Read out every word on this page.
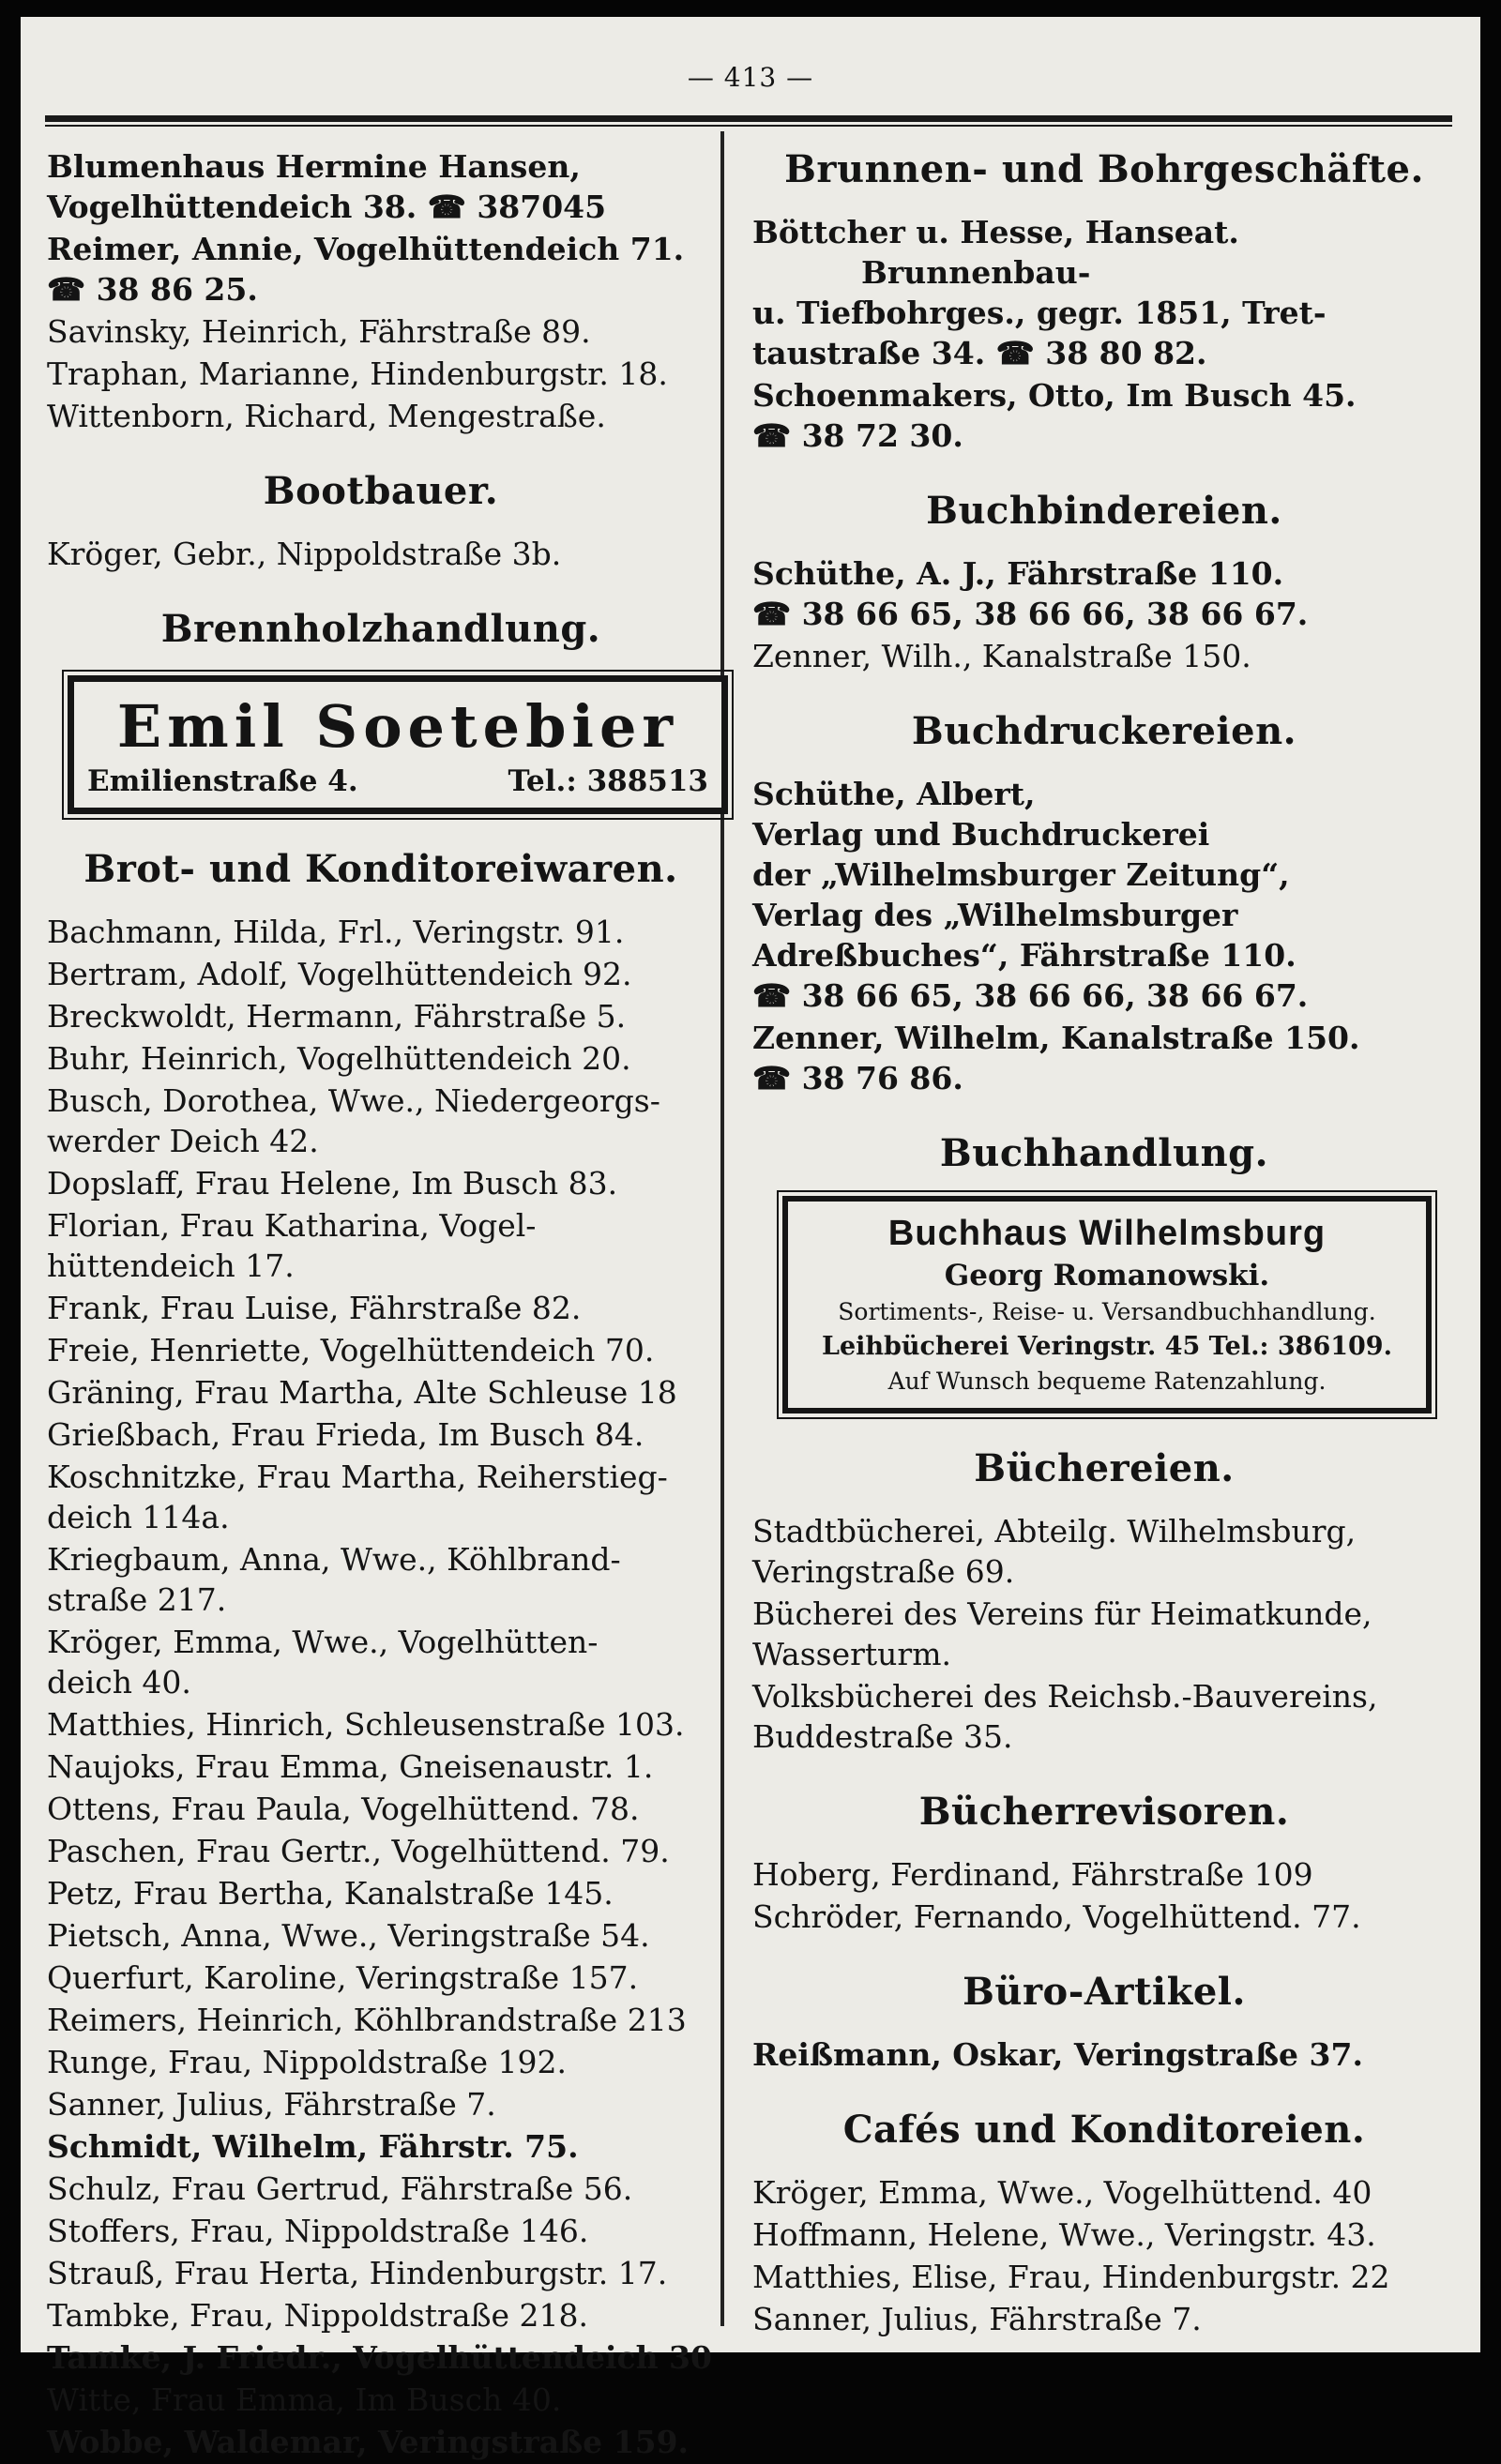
— 413 —
Blumenhaus Hermine Hansen,
Vogelhüttendeich 38. ☎ 387045
Reimer, Annie, Vogelhüttendeich 71.
☎ 38 86 25.
Savinsky, Heinrich, Fährstraße 89.
Traphan, Marianne, Hindenburgstr. 18.
Wittenborn, Richard, Mengestraße.
Bootbauer.
Kröger, Gebr., Nippoldstraße 3b.
Brennholzhandlung.
Emil Soetebier
Emilienstraße 4.	Tel.: 388513
Brot- und Konditoreiwaren.
Bachmann, Hilda, Frl., Veringstr. 91.
Bertram, Adolf, Vogelhüttendeich 92.
Breckwoldt, Hermann, Fährstraße 5.
Buhr, Heinrich, Vogelhüttendeich 20.
Busch, Dorothea, Wwe., Niedergeorgs-
werder Deich 42.
Dopslaff, Frau Helene, Im Busch 83.
Florian, Frau Katharina, Vogel-
hüttendeich 17.
Frank, Frau Luise, Fährstraße 82.
Freie, Henriette, Vogelhüttendeich 70.
Gräning, Frau Martha, Alte Schleuse 18
Grießbach, Frau Frieda, Im Busch 84.
Koschnitzke, Frau Martha, Reiherstieg-
deich 114a.
Kriegbaum, Anna, Wwe., Köhlbrand-
straße 217.
Kröger, Emma, Wwe., Vogelhütten-
deich 40.
Matthies, Hinrich, Schleusenstraße 103.
Naujoks, Frau Emma, Gneisenaustr. 1.
Ottens, Frau Paula, Vogelhüttend. 78.
Paschen, Frau Gertr., Vogelhüttend. 79.
Petz, Frau Bertha, Kanalstraße 145.
Pietsch, Anna, Wwe., Veringstraße 54.
Querfurt, Karoline, Veringstraße 157.
Reimers, Heinrich, Köhlbrandstraße 213
Runge, Frau, Nippoldstraße 192.
Sanner, Julius, Fährstraße 7.
Schmidt, Wilhelm, Fährstr. 75.
Schulz, Frau Gertrud, Fährstraße 56.
Stoffers, Frau, Nippoldstraße 146.
Strauß, Frau Herta, Hindenburgstr. 17.
Tambke, Frau, Nippoldstraße 218.
Tamke, J. Friedr., Vogelhüttendeich 30
Witte, Frau Emma, Im Busch 40.
Wobbe, Waldemar, Veringstraße 159.
Brunnen- und Bohrgeschäfte.
Böttcher u. Hesse, Hanseat. Brunnenbau-
u. Tiefbohrges., gegr. 1851, Tret-
taustraße 34. ☎ 38 80 82.
Schoenmakers, Otto, Im Busch 45.
☎ 38 72 30.
Buchbindereien.
Schüthe, A. J., Fährstraße 110.
☎ 38 66 65, 38 66 66, 38 66 67.
Zenner, Wilh., Kanalstraße 150.
Buchdruckereien.
Schüthe, Albert,
Verlag und Buchdruckerei
der „Wilhelmsburger Zeitung“,
Verlag des „Wilhelmsburger
Adreßbuches“, Fährstraße 110.
☎ 38 66 65, 38 66 66, 38 66 67.
Zenner, Wilhelm, Kanalstraße 150.
☎ 38 76 86.
Buchhandlung.
Buchhaus Wilhelmsburg
Georg Romanowski.
Sortiments-, Reise- u. Versandbuchhandlung.
Leihbücherei Veringstr. 45 Tel.: 386109.
Auf Wunsch bequeme Ratenzahlung.
Büchereien.
Stadtbücherei, Abteilg. Wilhelmsburg,
Veringstraße 69.
Bücherei des Vereins für Heimatkunde,
Wasserturm.
Volksbücherei des Reichsb.-Bauvereins,
Buddestraße 35.
Bücherrevisoren.
Hoberg, Ferdinand, Fährstraße 109
Schröder, Fernando, Vogelhüttend. 77.
Büro-Artikel.
Reißmann, Oskar, Veringstraße 37.
Cafés und Konditoreien.
Kröger, Emma, Wwe., Vogelhüttend. 40
Hoffmann, Helene, Wwe., Veringstr. 43.
Matthies, Elise, Frau, Hindenburgstr. 22
Sanner, Julius, Fährstraße 7.
